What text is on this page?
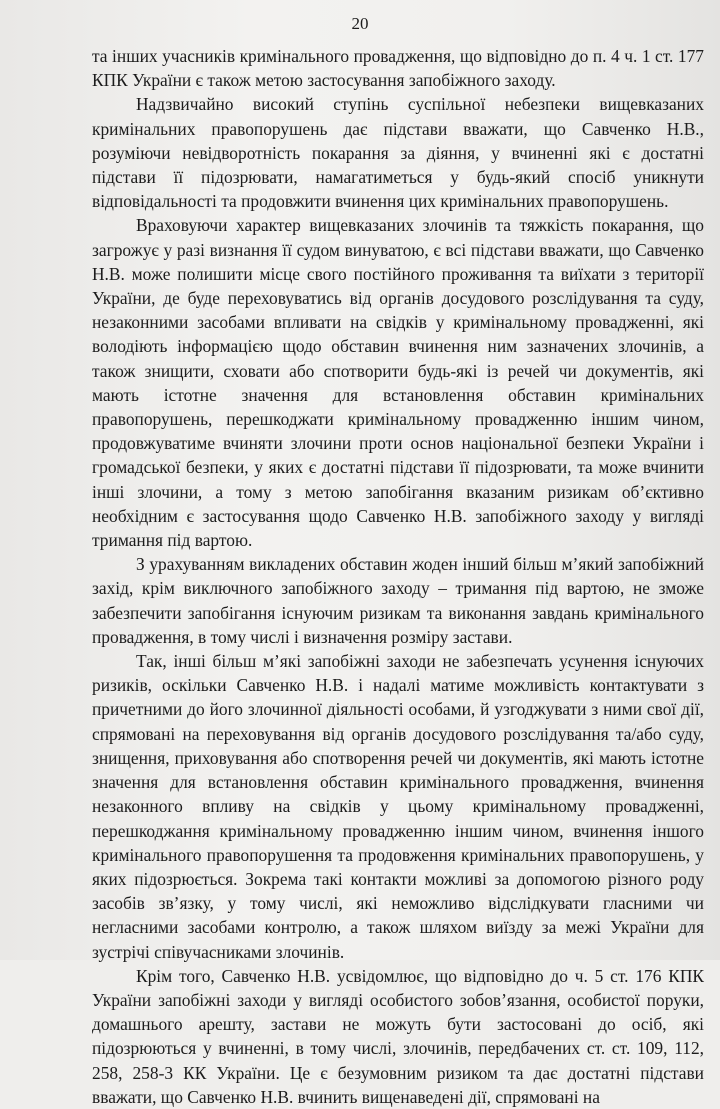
20

та інших учасників кримінального провадження, що відповідно до п. 4 ч. 1 ст. 177 КПК України є також метою застосування запобіжного заходу.

Надзвичайно високий ступінь суспільної небезпеки вищевказаних кримінальних правопорушень дає підстави вважати, що Савченко Н.В., розуміючи невідворотність покарання за діяння, у вчиненні які є достатні підстави її підозрювати, намагатиметься у будь-який спосіб уникнути відповідальності та продовжити вчинення цих кримінальних правопорушень.

Враховуючи характер вищевказаних злочинів та тяжкість покарання, що загрожує у разі визнання її судом винуватою, є всі підстави вважати, що Савченко Н.В. може полишити місце свого постійного проживання та виїхати з території України, де буде переховуватись від органів досудового розслідування та суду, незаконними засобами впливати на свідків у кримінальному провадженні, які володіють інформацією щодо обставин вчинення ним зазначених злочинів, а також знищити, сховати або спотворити будь-які із речей чи документів, які мають істотне значення для встановлення обставин кримінальних правопорушень, перешкоджати кримінальному провадженню іншим чином, продовжуватиме вчиняти злочини проти основ національної безпеки України і громадської безпеки, у яких є достатні підстави її підозрювати, та може вчинити інші злочини, а тому з метою запобігання вказаним ризикам об’єктивно необхідним є застосування щодо Савченко Н.В. запобіжного заходу у вигляді тримання під вартою.

З урахуванням викладених обставин жоден інший більш м’який запобіжний захід, крім виключного запобіжного заходу – тримання під вартою, не зможе забезпечити запобігання існуючим ризикам та виконання завдань кримінального провадження, в тому числі і визначення розміру застави.

Так, інші більш м’які запобіжні заходи не забезпечать усунення існуючих ризиків, оскільки Савченко Н.В. і надалі матиме можливість контактувати з причетними до його злочинної діяльності особами, й узгоджувати з ними свої дії, спрямовані на переховування від органів досудового розслідування та/або суду, знищення, приховування або спотворення речей чи документів, які мають істотне значення для встановлення обставин кримінального провадження, вчинення незаконного впливу на свідків у цьому кримінальному провадженні, перешкоджання кримінальному провадженню іншим чином, вчинення іншого кримінального правопорушення та продовження кримінальних правопорушень, у яких підозрюється. Зокрема такі контакти можливі за допомогою різного роду засобів зв’язку, у тому числі, які неможливо відслідкувати гласними чи негласними засобами контролю, а також шляхом виїзду за межі України для зустрічі співучасниками злочинів.

Крім того, Савченко Н.В. усвідомлює, що відповідно до ч. 5 ст. 176 КПК України запобіжні заходи у вигляді особистого зобов’язання, особистої поруки, домашнього арешту, застави не можуть бути застосовані до осіб, які підозрюються у вчиненні, в тому числі, злочинів, передбачених ст. ст. 109, 112, 258, 258-3 КК України. Це є безумовним ризиком та дає достатні підстави вважати, що Савченко Н.В. вчинить вищенаведені дії, спрямовані на
